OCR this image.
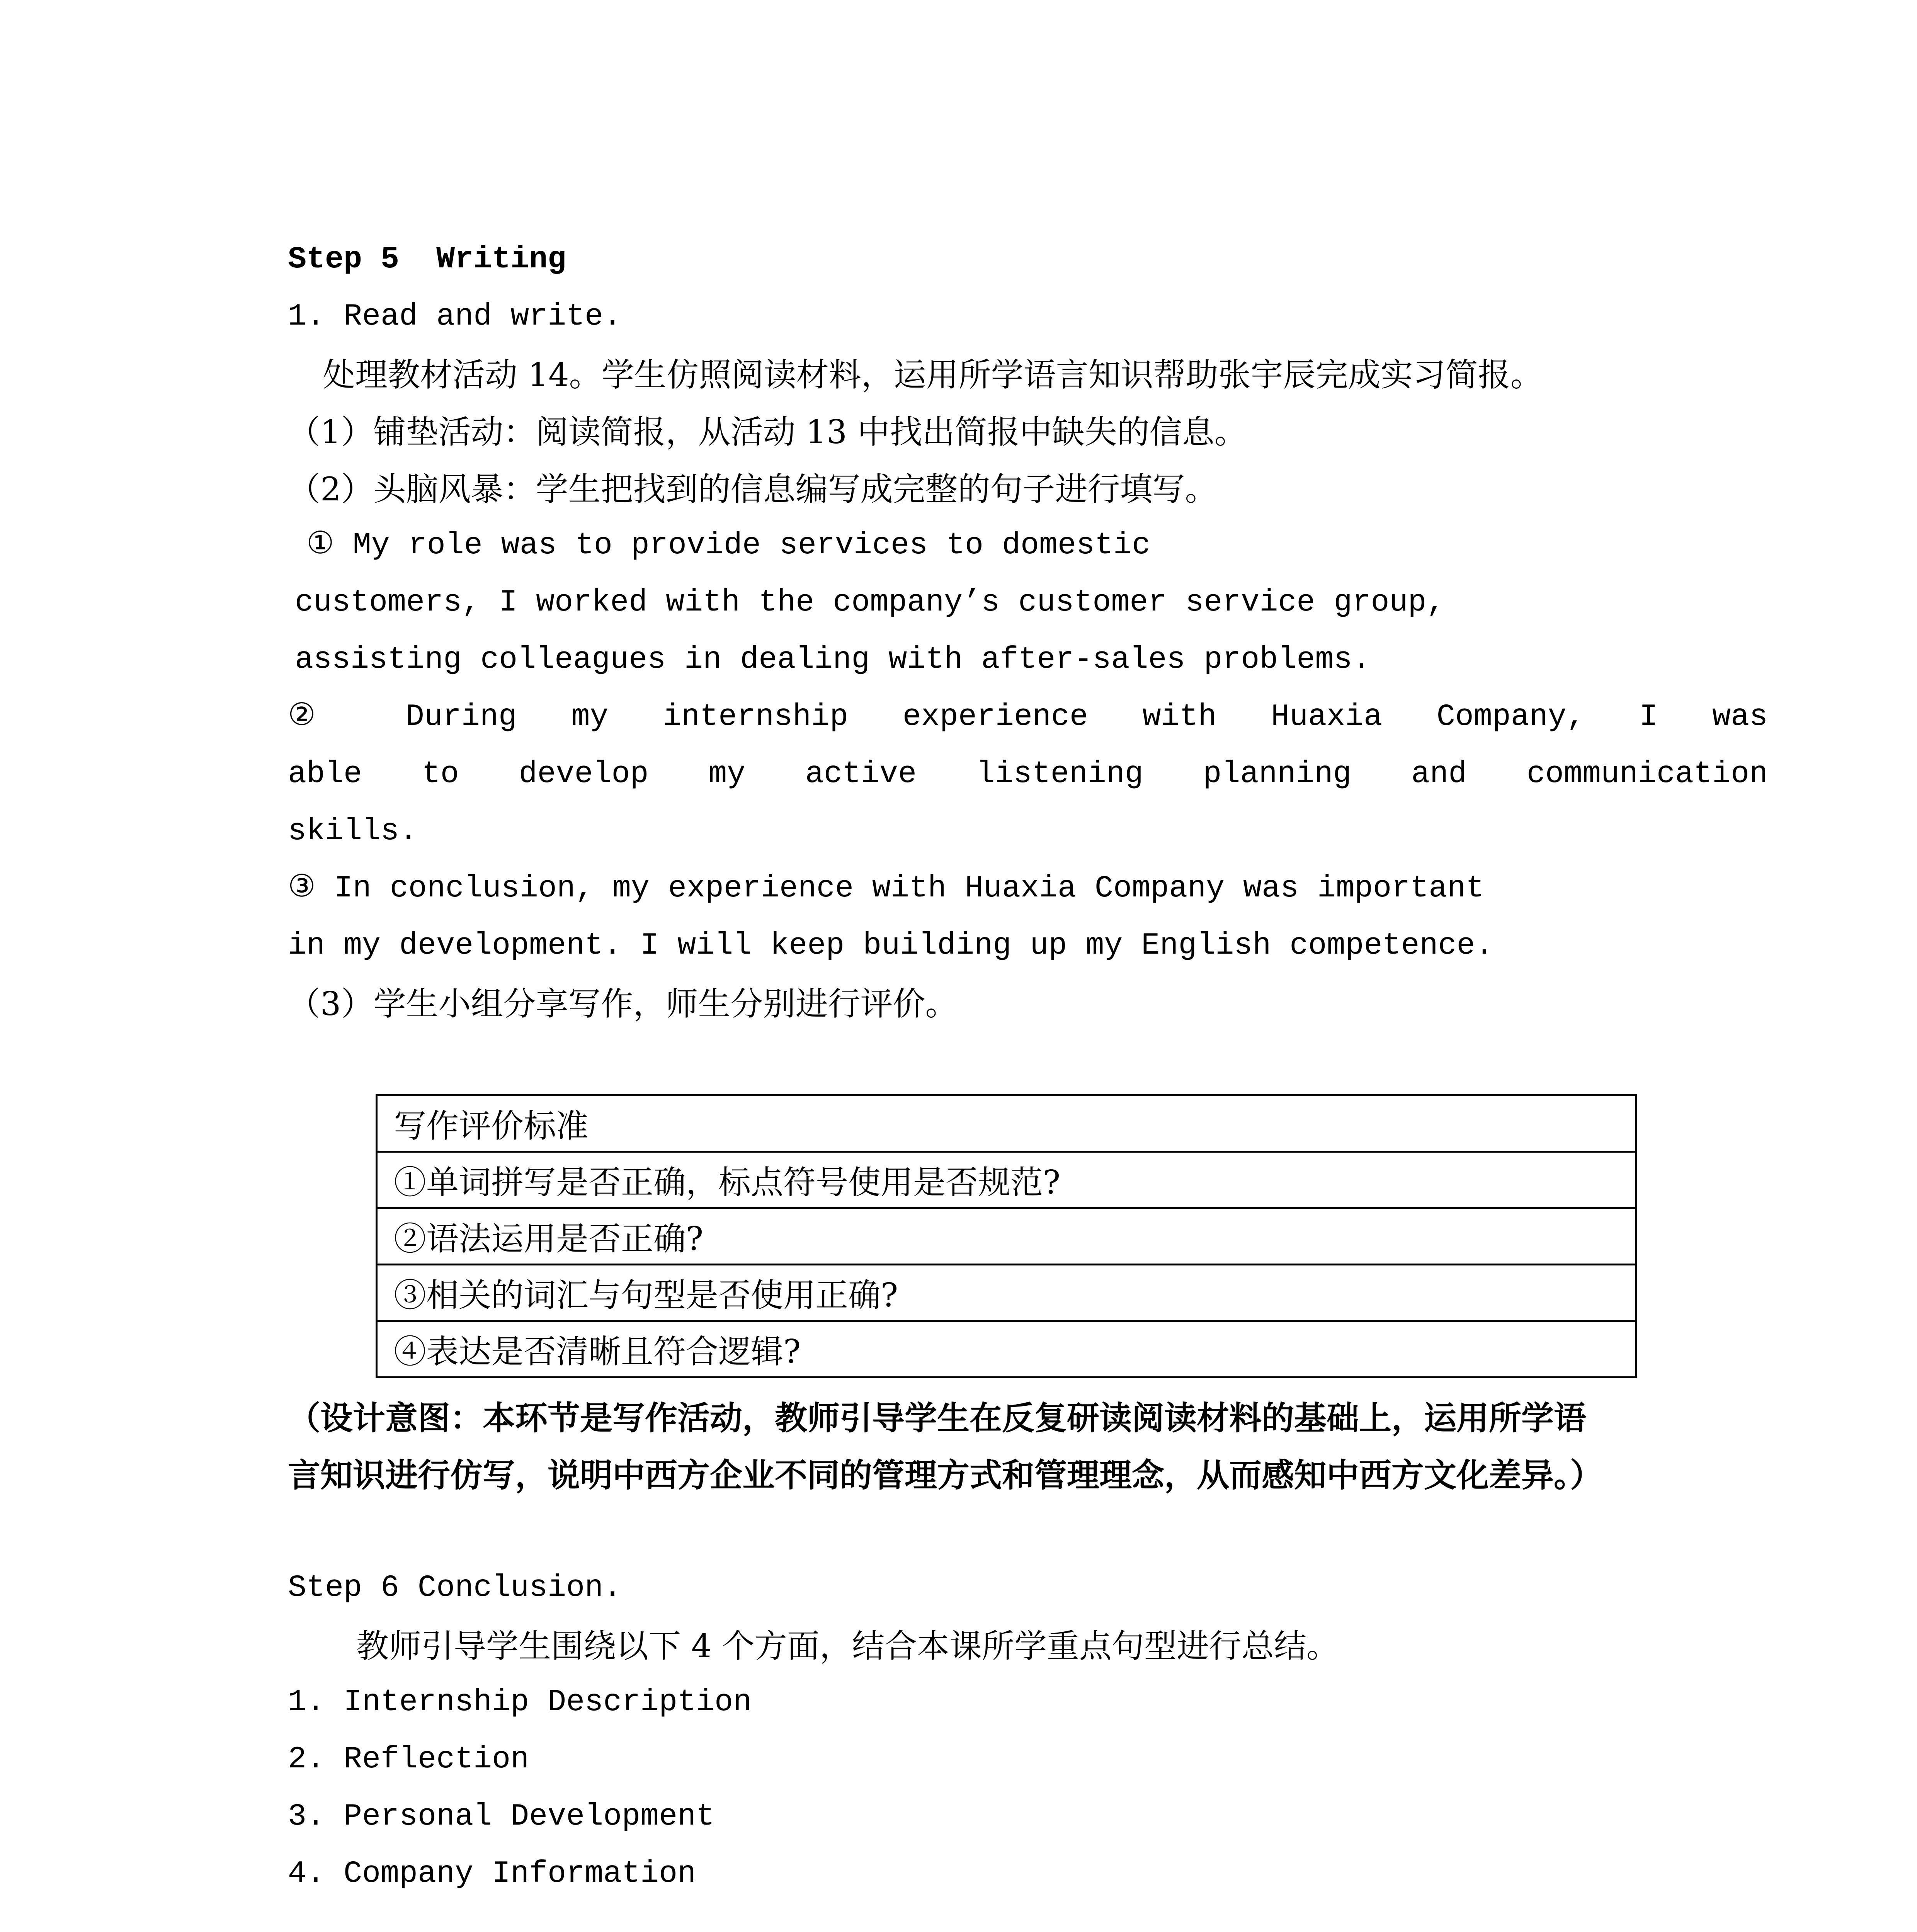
Step 5  Writing
1. Read and write.
处理教材活动 14。学生仿照阅读材料，运用所学语言知识帮助张宇辰完成实习简报。
（1）铺垫活动：阅读简报，从活动 13 中找出简报中缺失的信息。
（2）头脑风暴：学生把找到的信息编写成完整的句子进行填写。
① My role was to provide services to domestic
customers, I worked with the company’s customer service group,
assisting colleagues in dealing with after-sales problems.
② During my internship experience with Huaxia Company, I was
able to develop my active listening planning and communication
skills.
③ In conclusion, my experience with Huaxia Company was important
in my development. I will keep building up my English competence.
（3）学生小组分享写作，师生分别进行评价。
写作评价标准
①单词拼写是否正确，标点符号使用是否规范?
②语法运用是否正确?
③相关的词汇与句型是否使用正确?
④表达是否清晰且符合逻辑?
（设计意图：本环节是写作活动，教师引导学生在反复研读阅读材料的基础上，运用所学语
言知识进行仿写，说明中西方企业不同的管理方式和管理理念，从而感知中西方文化差异。）
Step 6 Conclusion.
教师引导学生围绕以下 4 个方面，结合本课所学重点句型进行总结。
1. Internship Description
2. Reflection
3. Personal Development
4. Company Information
